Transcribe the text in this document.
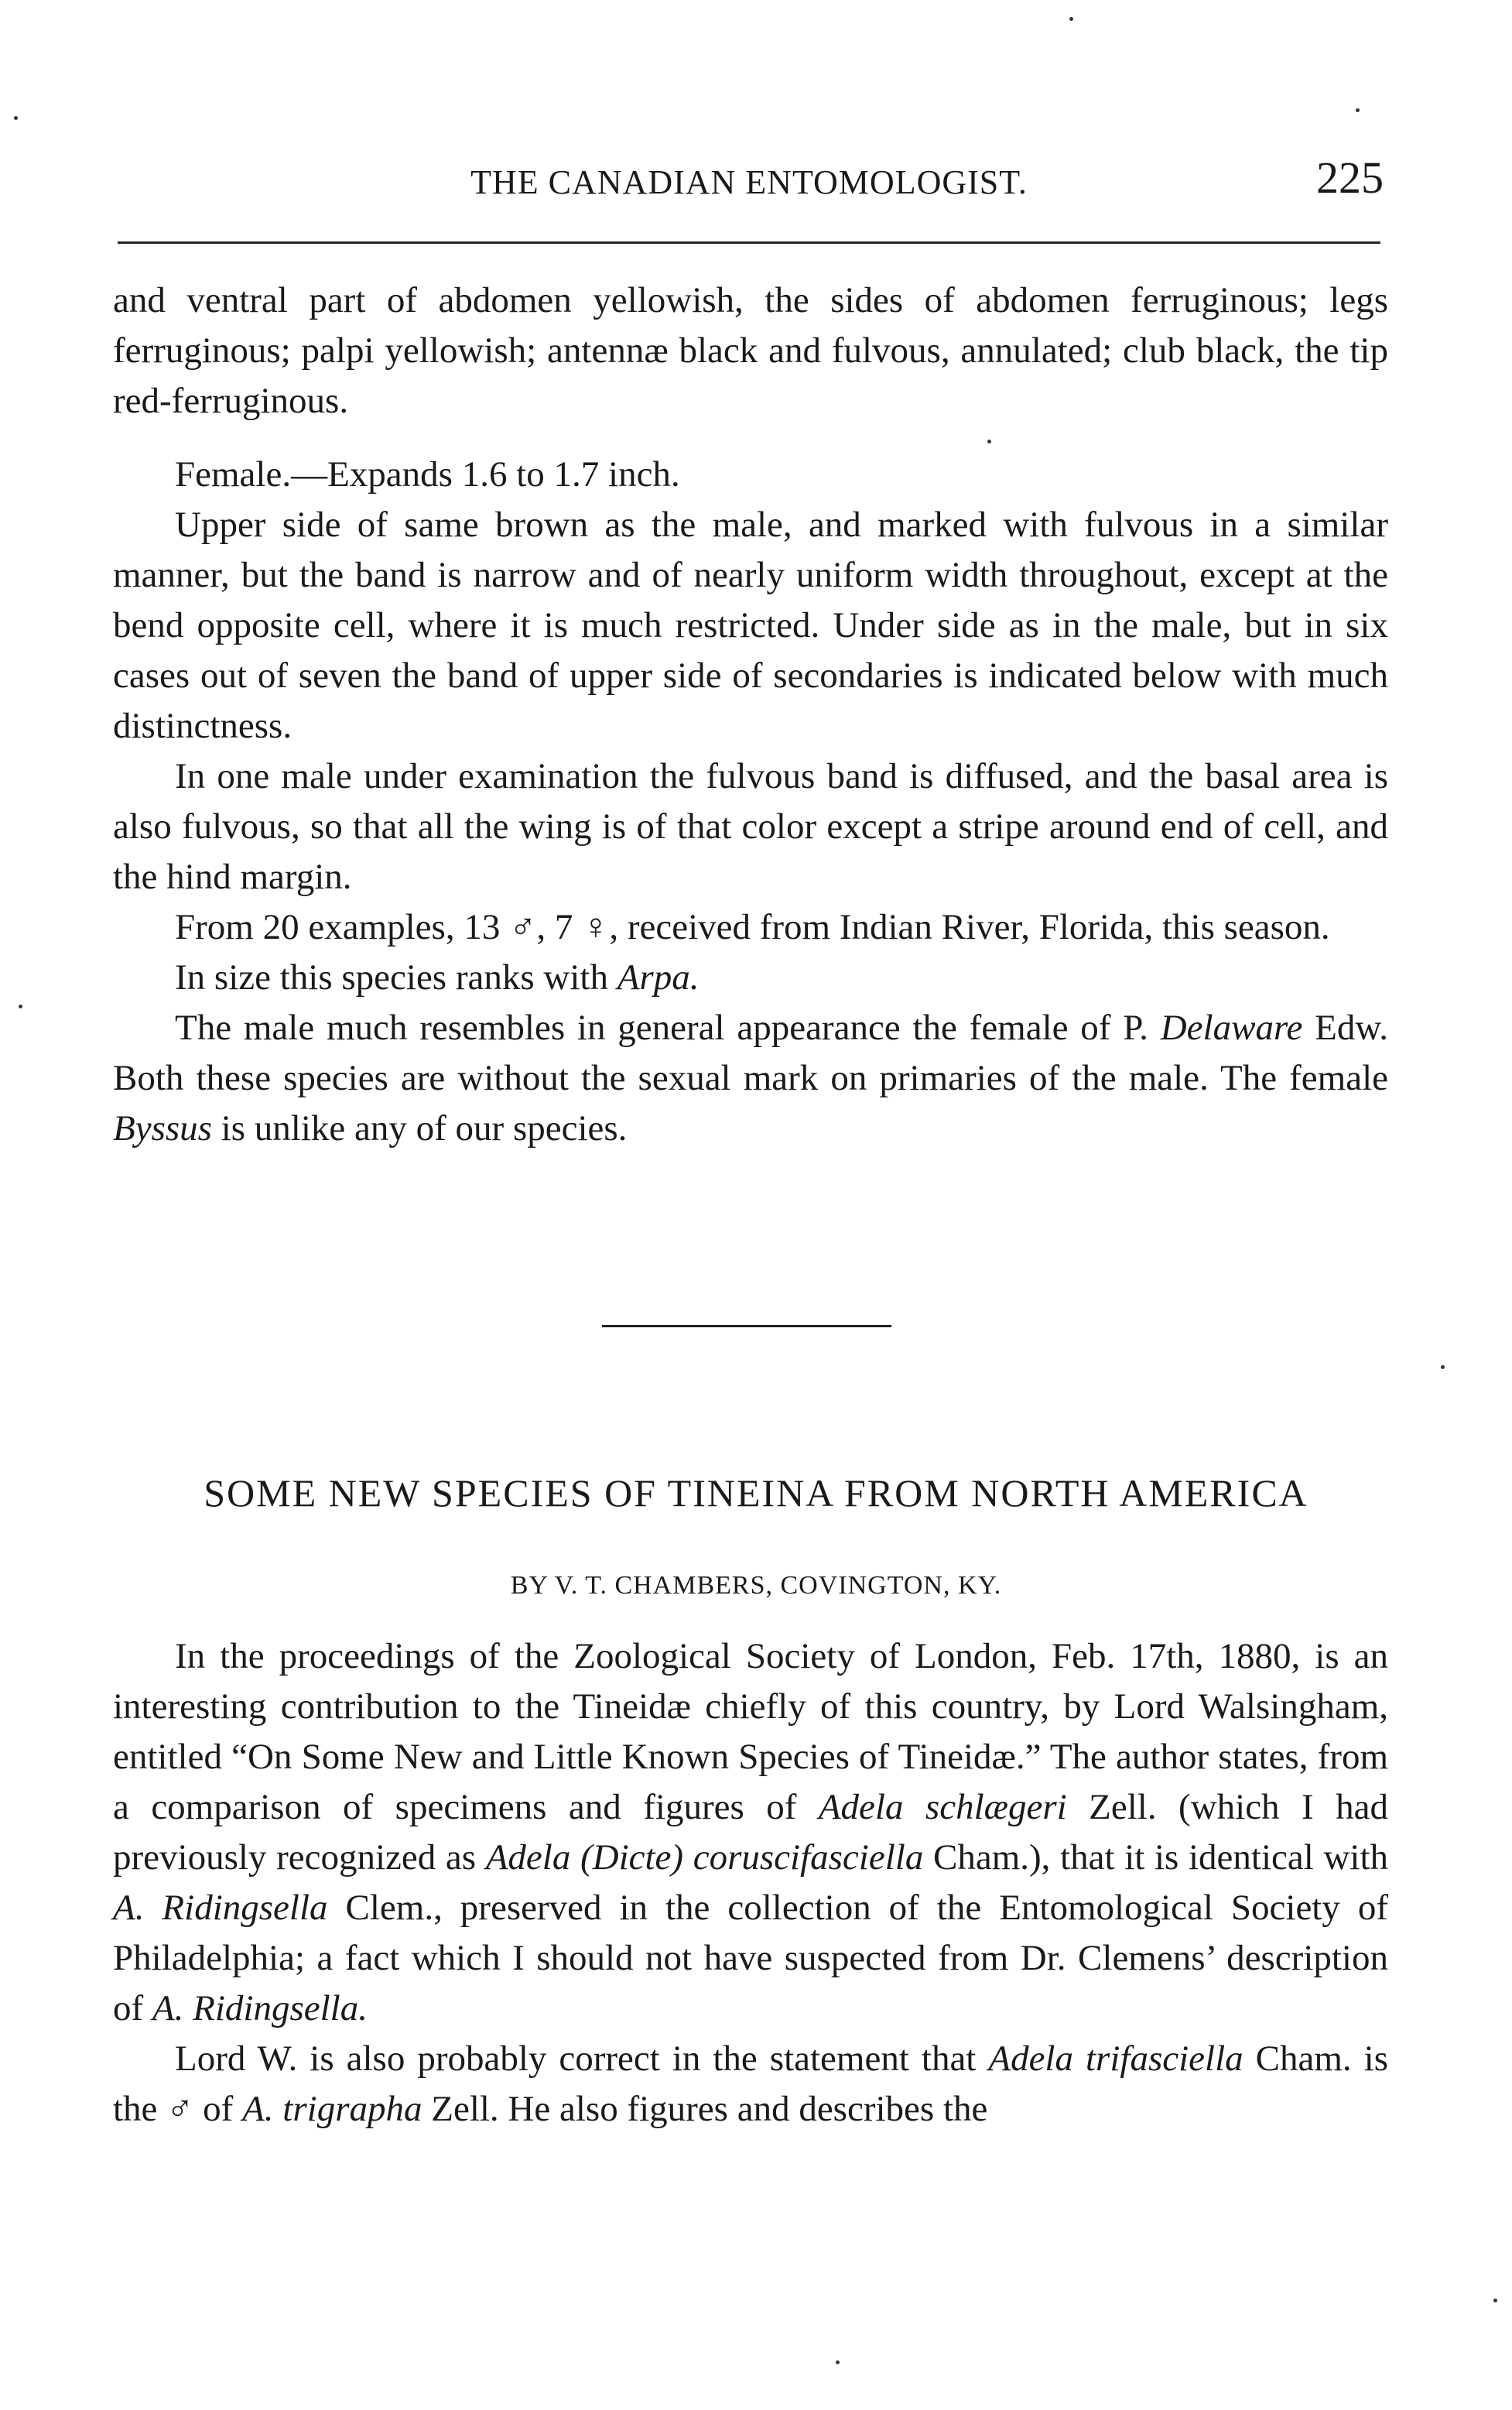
THE CANADIAN ENTOMOLOGIST.	225

and ventral part of abdomen yellowish, the sides of abdomen ferruginous; legs ferruginous; palpi yellowish; antennæ black and fulvous, annulated; club black, the tip red-ferruginous.

Female.—Expands 1.6 to 1.7 inch.

Upper side of same brown as the male, and marked with fulvous in a similar manner, but the band is narrow and of nearly uniform width throughout, except at the bend opposite cell, where it is much restricted. Under side as in the male, but in six cases out of seven the band of upper side of secondaries is indicated below with much distinctness.

In one male under examination the fulvous band is diffused, and the basal area is also fulvous, so that all the wing is of that color except a stripe around end of cell, and the hind margin.

From 20 examples, 13 ♂, 7 ♀, received from Indian River, Florida, this season.

In size this species ranks with Arpa.

The male much resembles in general appearance the female of P. Delaware Edw. Both these species are without the sexual mark on primaries of the male. The female Byssus is unlike any of our species.

SOME NEW SPECIES OF TINEINA FROM NORTH AMERICA
BY V. T. CHAMBERS, COVINGTON, KY.

In the proceedings of the Zoological Society of London, Feb. 17th, 1880, is an interesting contribution to the Tineidæ chiefly of this country, by Lord Walsingham, entitled “On Some New and Little Known Species of Tineidæ.” The author states, from a comparison of specimens and figures of Adela schlægeri Zell. (which I had previously recognized as Adela (Dicte) coruscifasciella Cham.), that it is identical with A. Ridingsella Clem., preserved in the collection of the Entomological Society of Philadelphia; a fact which I should not have suspected from Dr. Clemens’ description of A. Ridingsella.

Lord W. is also probably correct in the statement that Adela trifasciella Cham. is the ♂ of A. trigrapha Zell. He also figures and describes the
